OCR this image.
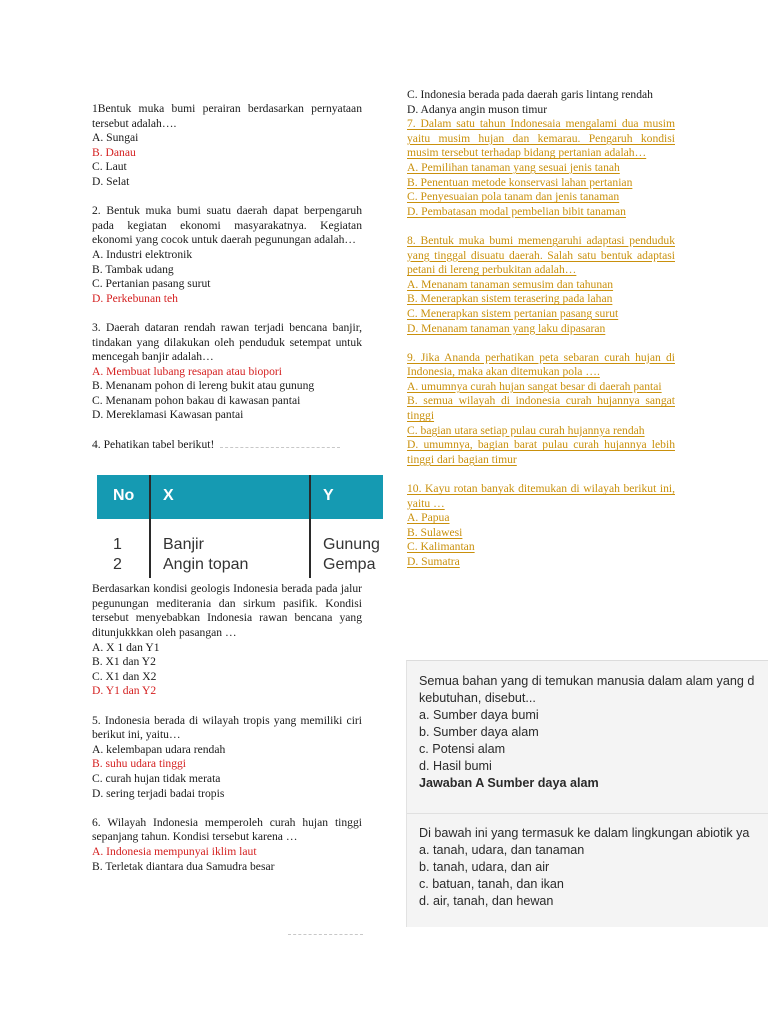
1Bentuk muka bumi perairan berdasarkan pernyataan tersebut adalah….
A. Sungai
B. Danau
C. Laut
D. Selat
2. Bentuk muka bumi suatu daerah dapat berpengaruh pada kegiatan ekonomi masyarakatnya. Kegiatan ekonomi yang cocok untuk daerah pegunungan adalah…
A. Industri elektronik
B. Tambak udang
C. Pertanian pasang surut
D. Perkebunan teh
3. Daerah dataran rendah rawan terjadi bencana banjir, tindakan yang dilakukan oleh penduduk setempat untuk mencegah banjir adalah…
A. Membuat lubang resapan atau biopori
B. Menanam pohon di lereng bukit atau gunung
C. Menanam pohon bakau di kawasan pantai
D. Mereklamasi Kawasan pantai
4. Pehatikan tabel berikut!
Berdasarkan kondisi geologis Indonesia berada pada jalur pegunungan mediterania dan sirkum pasifik. Kondisi tersebut menyebabkan Indonesia rawan bencana yang ditunjukkkan oleh pasangan …
A. X 1 dan Y1
B. X1 dan Y2
C. X1 dan X2
D. Y1 dan Y2
5. Indonesia berada di wilayah tropis yang memiliki ciri berikut ini, yaitu…
A. kelembapan udara rendah
B. suhu udara tinggi
C. curah hujan tidak merata
D. sering terjadi badai tropis
6. Wilayah Indonesia memperoleh curah hujan tinggi sepanjang tahun. Kondisi tersebut karena …
A. Indonesia mempunyai iklim laut
B. Terletak diantara dua Samudra besar
No X	Y
1
2
Banjir
Angin topan
Gunung
Gempa
C. Indonesia berada pada daerah garis lintang rendah
D. Adanya angin muson timur
7. Dalam satu tahun Indonesaia mengalami dua musim yaitu musim hujan dan kemarau. Pengaruh kondisi musim tersebut terhadap bidang pertanian adalah…
A. Pemilihan tanaman yang sesuai jenis tanah
B. Penentuan metode konservasi lahan pertanian
C. Penyesuaian pola tanam dan jenis tanaman
D. Pembatasan modal pembelian bibit tanaman
8. Bentuk muka bumi memengaruhi adaptasi penduduk yang tinggal disuatu daerah. Salah satu bentuk adaptasi petani di lereng perbukitan adalah…
A. Menanam tanaman semusim dan tahunan
B. Menerapkan sistem terasering pada lahan
C. Menerapkan sistem pertanian pasang surut
D. Menanam tanaman yang laku dipasaran
9. Jika Ananda perhatikan peta sebaran curah hujan di Indonesia, maka akan ditemukan pola ….
A. umumnya curah hujan sangat besar di daerah pantai
B. semua wilayah di indonesia curah hujannya sangat tinggi
C. bagian utara setiap pulau curah hujannya rendah
D. umumnya, bagian barat pulau curah hujannya lebih tinggi dari bagian timur
10. Kayu rotan banyak ditemukan di wilayah berikut ini, yaitu …
A. Papua
B. Sulawesi
C. Kalimantan
D. Sumatra
Semua bahan yang di temukan manusia dalam alam yang d
kebutuhan, disebut...
a. Sumber daya bumi
b. Sumber daya alam
c. Potensi alam
d. Hasil bumi
Jawaban A Sumber daya alam
Di bawah ini yang termasuk ke dalam lingkungan abiotik ya
a. tanah, udara, dan tanaman
b. tanah, udara, dan air
c. batuan, tanah, dan ikan
d. air, tanah, dan hewan
